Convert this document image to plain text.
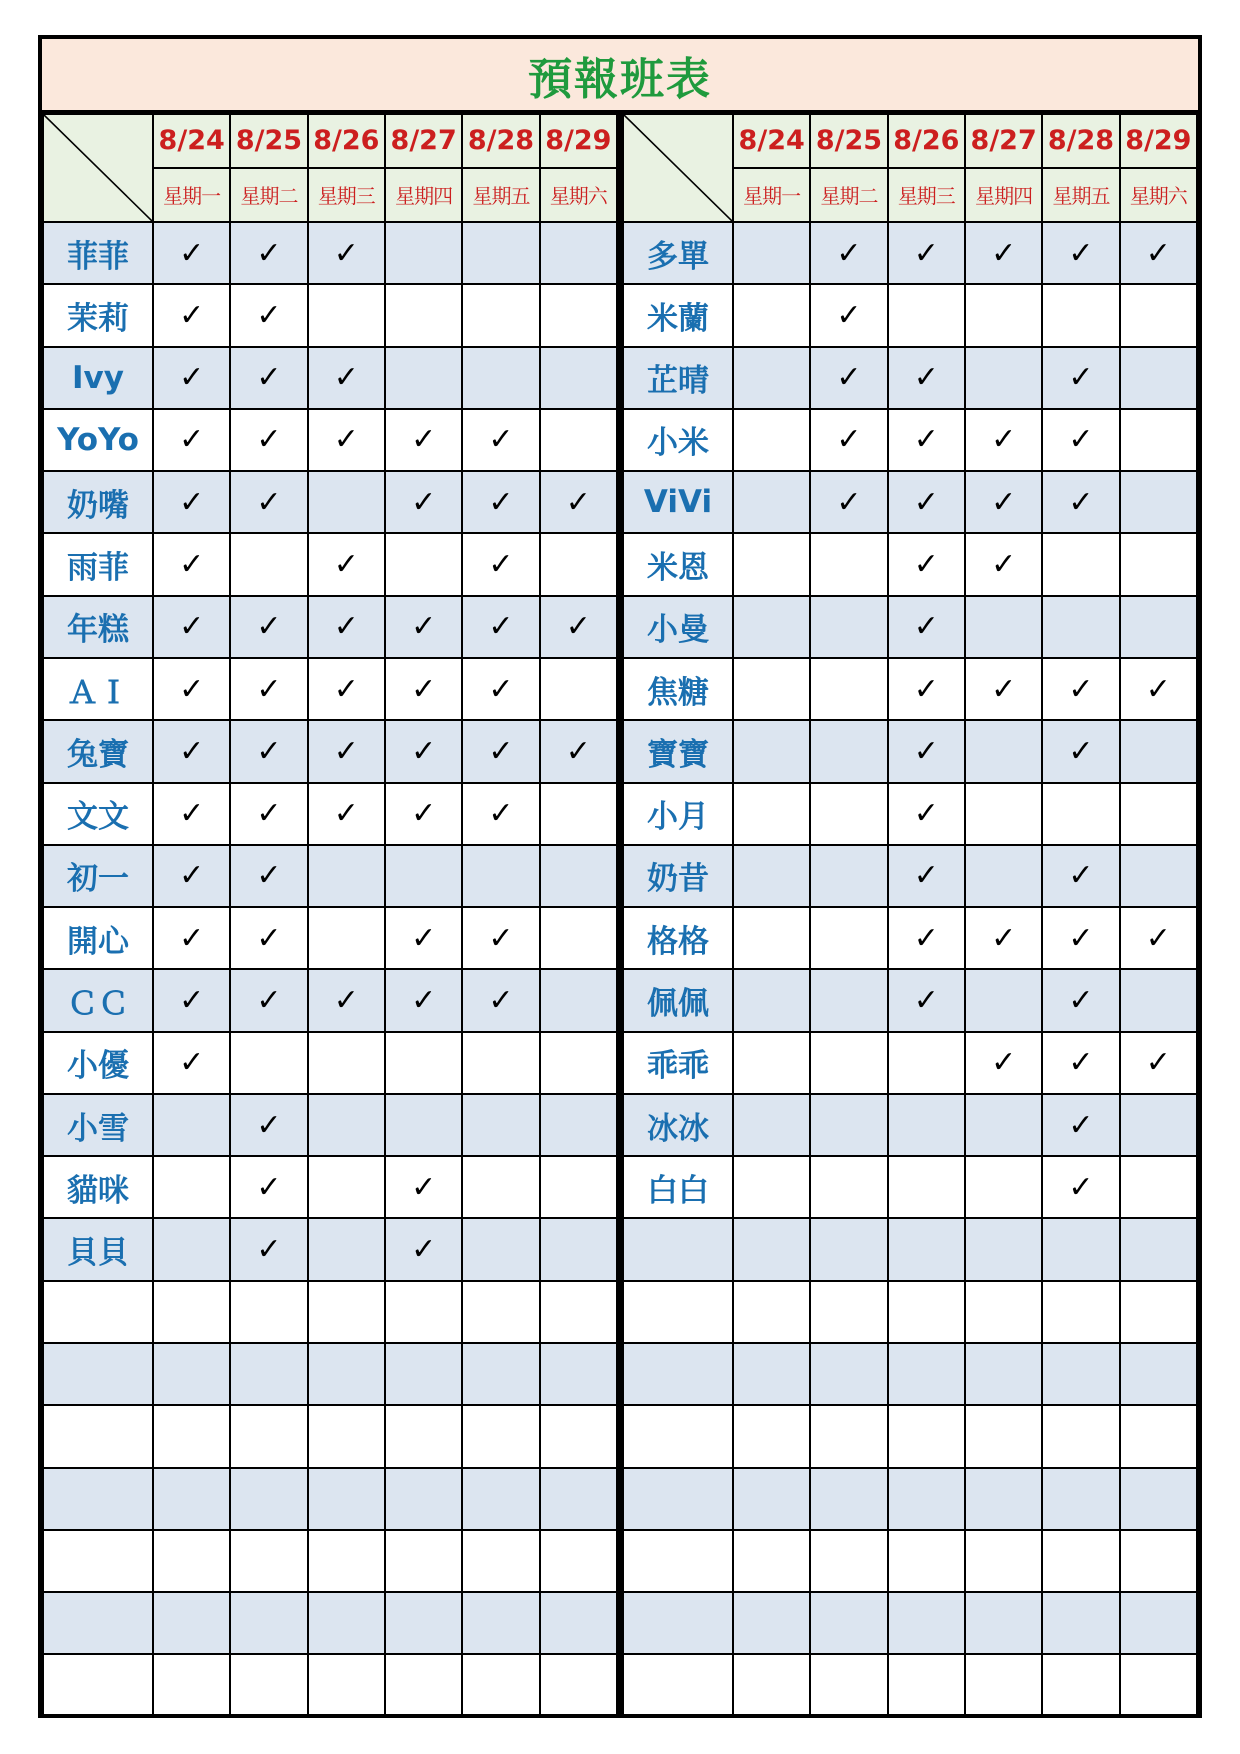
預報班表
	8/24	8/25	8/26	8/27	8/28	8/29
	星期一	星期二	星期三	星期四	星期五	星期六
菲菲	✓	✓	✓			
茉莉	✓	✓				
Ivy	✓	✓	✓			
YoYo	✓	✓	✓	✓	✓	
奶嘴	✓	✓		✓	✓	✓
雨菲	✓		✓		✓	
年糕	✓	✓	✓	✓	✓	✓
ＡＩ	✓	✓	✓	✓	✓	
兔寶	✓	✓	✓	✓	✓	✓
文文	✓	✓	✓	✓	✓	
初一	✓	✓				
開心	✓	✓		✓	✓	
ＣＣ	✓	✓	✓	✓	✓	
小優	✓					
小雪		✓				
貓咪		✓		✓		
貝貝		✓		✓		

	8/24	8/25	8/26	8/27	8/28	8/29
	星期一	星期二	星期三	星期四	星期五	星期六
多單		✓	✓	✓	✓	✓
米蘭		✓				
芷晴		✓	✓		✓	
小米		✓	✓	✓	✓	
ViVi		✓	✓	✓	✓	
米恩			✓	✓		
小曼			✓			
焦糖			✓	✓	✓	✓
寶寶			✓		✓	
小月			✓			
奶昔			✓		✓	
格格			✓	✓	✓	✓
佩佩			✓		✓	
乖乖				✓	✓	✓
冰冰					✓	
白白					✓	
